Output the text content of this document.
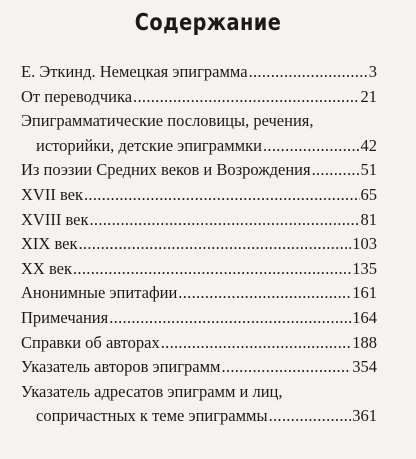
Содержание
Е. Эткинд. Немецкая эпиграмма .....	3
От переводчика .....	21
Эпиграмматические пословицы, речения,
историйки, детские эпиграммки .....	42
Из поэзии Средних веков и Возрождения .....	51
XVII век .....	65
XVIII век .....	81
XIX век .....	103
XX век .....	135
Анонимные эпитафии .....	161
Примечания .....	164
Справки об авторах .....	188
Указатель авторов эпиграмм .....	354
Указатель адресатов эпиграмм и лиц,
сопричастных к теме эпиграммы .....	361
